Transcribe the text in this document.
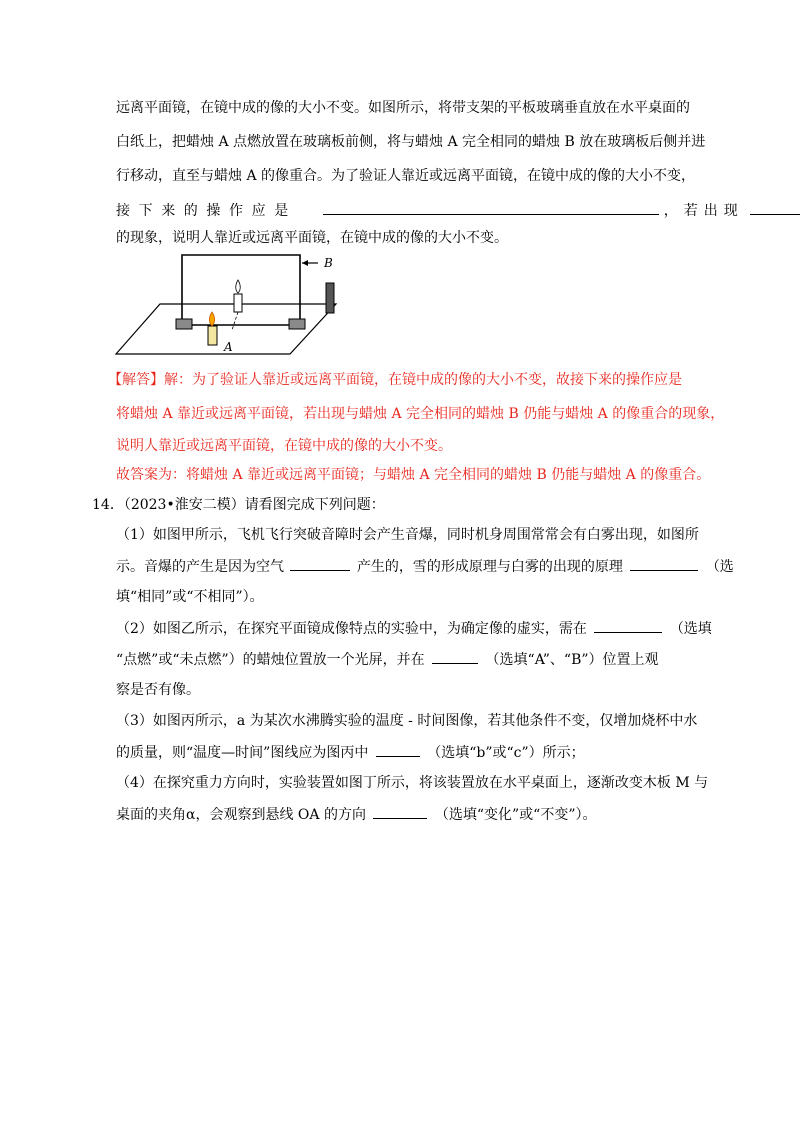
远离平面镜，在镜中成的像的大小不变。如图所示，将带支架的平板玻璃垂直放在水平桌面的
白纸上，把蜡烛 A 点燃放置在玻璃板前侧，将与蜡烛 A 完全相同的蜡烛 B 放在玻璃板后侧并进
行移动，直至与蜡烛 A 的像重合。为了验证人靠近或远离平面镜，在镜中成的像的大小不变，
接下来的操作应是	，若出现
的现象，说明人靠近或远离平面镜，在镜中成的像的大小不变。
B
A
【解答】解：为了验证人靠近或远离平面镜，在镜中成的像的大小不变，故接下来的操作应是
将蜡烛 A 靠近或远离平面镜，若出现与蜡烛 A 完全相同的蜡烛 B 仍能与蜡烛 A 的像重合的现象，
说明人靠近或远离平面镜，在镜中成的像的大小不变。
故答案为：将蜡烛 A 靠近或远离平面镜；与蜡烛 A 完全相同的蜡烛 B 仍能与蜡烛 A 的像重合。
14．（2023•淮安二模）请看图完成下列问题：
（1）如图甲所示，飞机飞行突破音障时会产生音爆，同时机身周围常常会有白雾出现，如图所
示。音爆的产生是因为空气	产生的，雪的形成原理与白雾的出现的原理	（选
填“相同”或“不相同”）。
（2）如图乙所示，在探究平面镜成像特点的实验中，为确定像的虚实，需在	（选填
“点燃”或“未点燃”）的蜡烛位置放一个光屏，并在	（选填“A”、“B”）位置上观
察是否有像。
（3）如图丙所示，a 为某次水沸腾实验的温度 - 时间图像，若其他条件不变，仅增加烧杯中水
的质量，则“温度—时间”图线应为图丙中	（选填“b”或“c”）所示；
（4）在探究重力方向时，实验装置如图丁所示，将该装置放在水平桌面上，逐渐改变木板 M 与
桌面的夹角α，会观察到悬线 OA 的方向	（选填“变化”或“不变”）。
